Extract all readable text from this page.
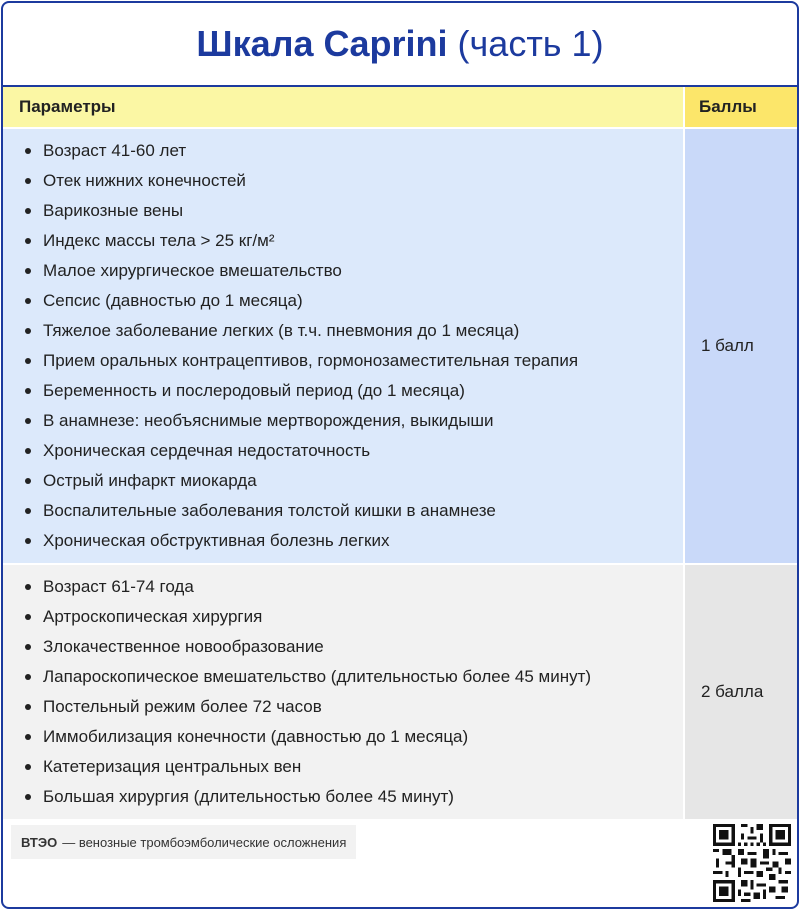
Шкала Caprini (часть 1)
Параметры	Баллы
Возраст 41-60 лет
Отек нижних конечностей
Варикозные вены
Индекс массы тела > 25 кг/м²
Малое хирургическое вмешательство
Сепсис (давностью до 1 месяца)
Тяжелое заболевание легких (в т.ч. пневмония до 1 месяца)
Прием оральных контрацептивов, гормонозаместительная терапия
Беременность и послеродовый период (до 1 месяца)
В анамнезе: необъяснимые мертворождения, выкидыши
Хроническая сердечная недостаточность
Острый инфаркт миокарда
Воспалительные заболевания толстой кишки в анамнезе
Хроническая обструктивная болезнь легких
1 балл
Возраст 61-74 года
Артроскопическая хирургия
Злокачественное новообразование
Лапароскопическое вмешательство (длительностью более 45 минут)
Постельный режим более 72 часов
Иммобилизация конечности (давностью до 1 месяца)
Катетеризация центральных вен
Большая хирургия (длительностью более 45 минут)
2 балла
ВТЭО — венозные тромбоэмболические осложнения
